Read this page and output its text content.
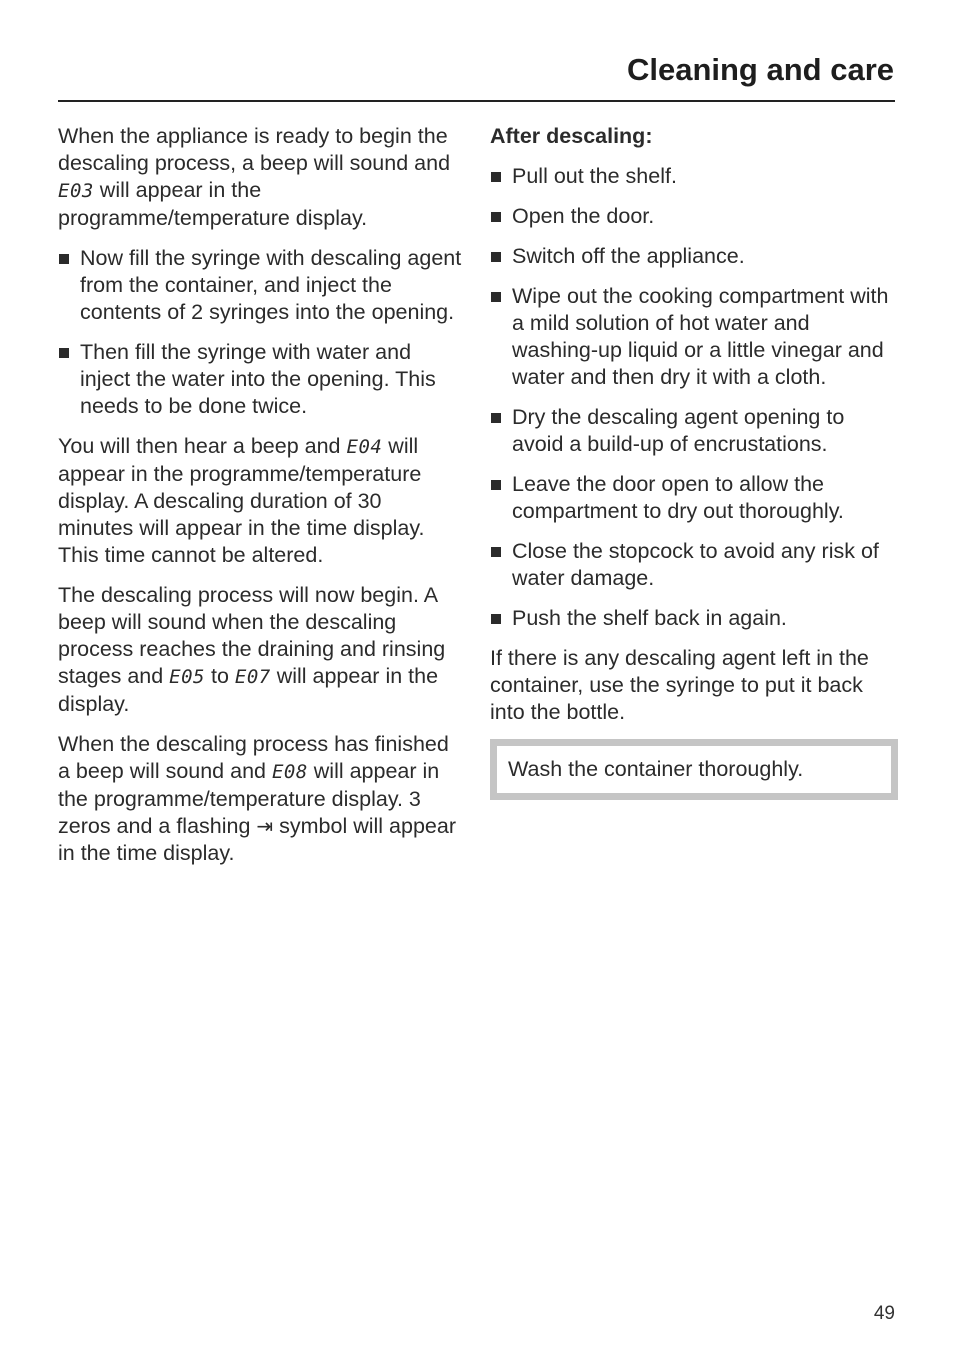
Cleaning and care

When the appliance is ready to begin the descaling process, a beep will sound and E03 will appear in the programme/temperature display.

Now fill the syringe with descaling agent from the container, and inject the contents of 2 syringes into the opening.
Then fill the syringe with water and inject the water into the opening. This needs to be done twice.

You will then hear a beep and E04 will appear in the programme/temperature display. A descaling duration of 30 minutes will appear in the time display. This time cannot be altered.

The descaling process will now begin. A beep will sound when the descaling process reaches the draining and rinsing stages and E05 to E07 will appear in the display.

When the descaling process has finished a beep will sound and E08 will appear in the programme/temperature display. 3 zeros and a flashing ⇥ symbol will appear in the time display.

After descaling:

Pull out the shelf.
Open the door.
Switch off the appliance.
Wipe out the cooking compartment with a mild solution of hot water and washing-up liquid or a little vinegar and water and then dry it with a cloth.
Dry the descaling agent opening to avoid a build-up of encrustations.
Leave the door open to allow the compartment to dry out thoroughly.
Close the stopcock to avoid any risk of water damage.
Push the shelf back in again.

If there is any descaling agent left in the container, use the syringe to put it back into the bottle.

Wash the container thoroughly.
49
